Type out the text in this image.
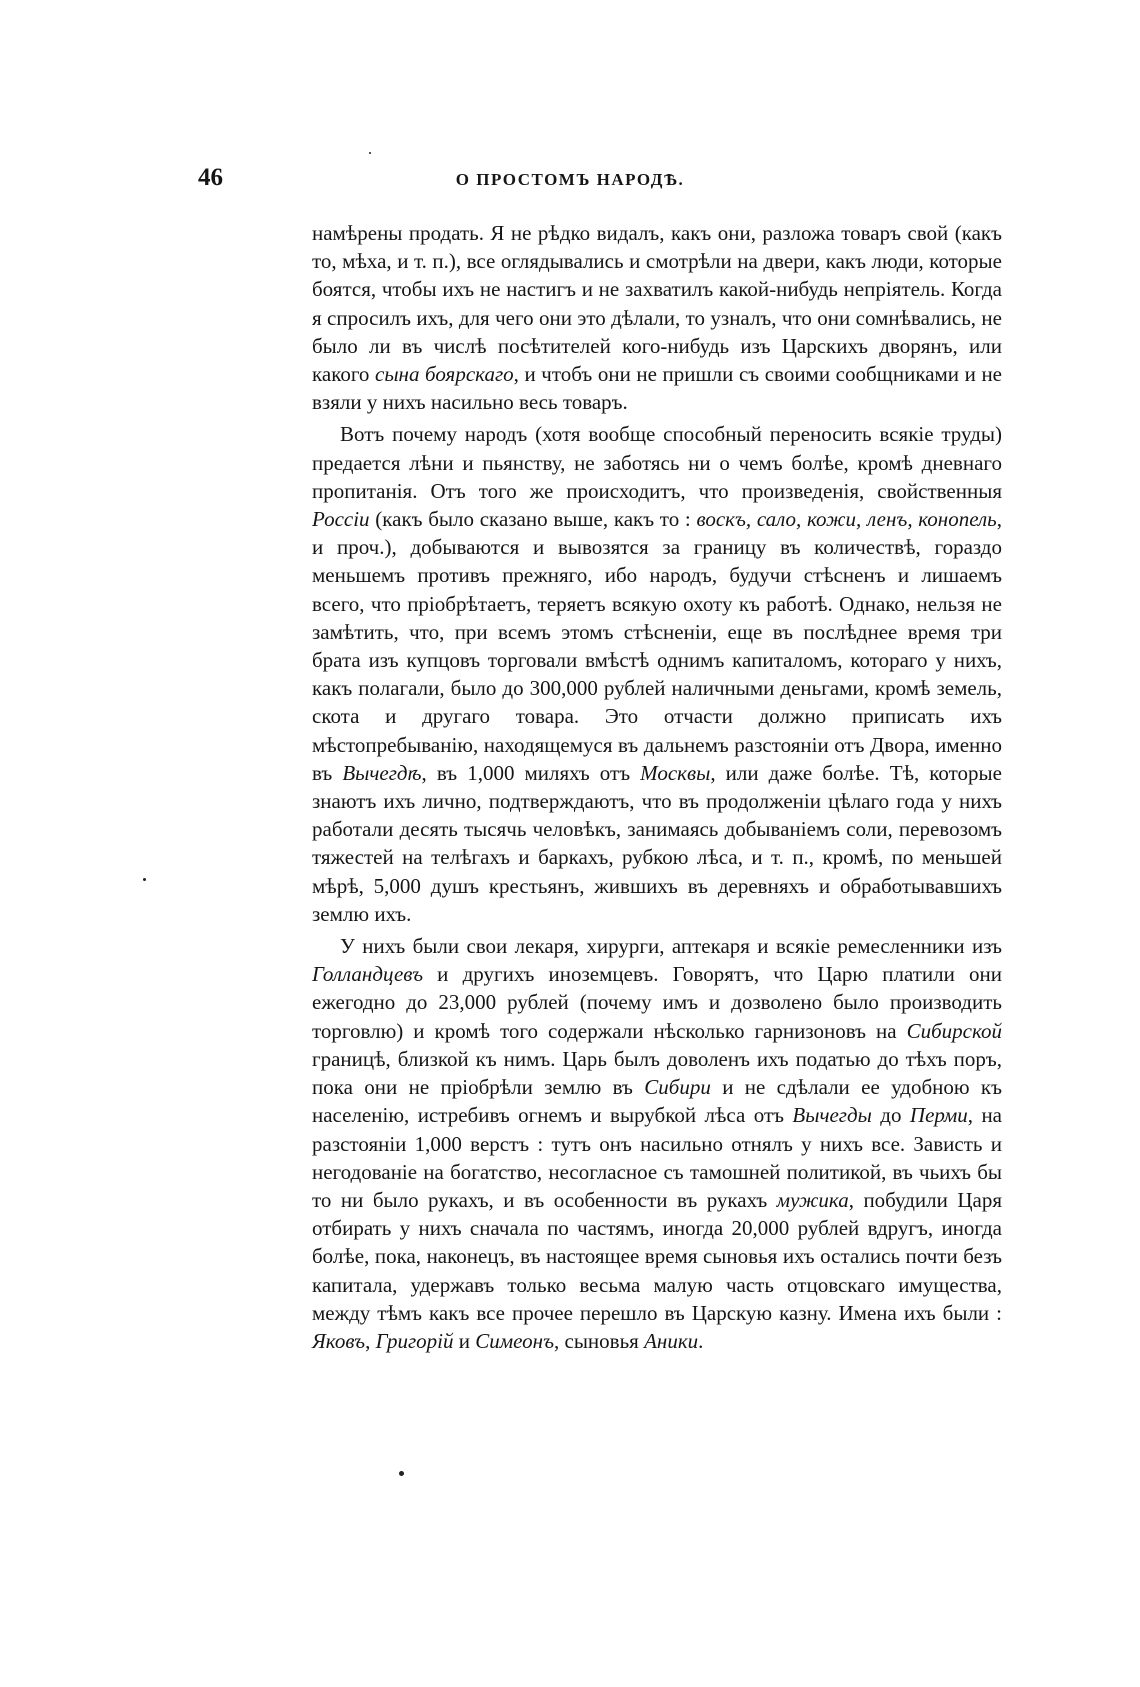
46	О ПРОСТОМЪ НАРОДѢ.

намѣрены продать. Я не рѣдко видалъ, какъ они, разложа товаръ свой (какъ то, мѣха, и т. п.), все оглядывались и смотрѣли на двери, какъ люди, которые боятся, чтобы ихъ не настигъ и не захватилъ какой-нибудь непріятель. Когда я спросилъ ихъ, для чего они это дѣлали, то узналъ, что они сомнѣвались, не было ли въ числѣ посѣтителей кого-нибудь изъ Царскихъ дворянъ, или какого сына боярскаго, и чтобъ они не пришли съ своими сообщниками и не взяли у нихъ насильно весь товаръ.

Вотъ почему народъ (хотя вообще способный переносить всякіе труды) предается лѣни и пьянству, не заботясь ни о чемъ болѣе, кромѣ дневнаго пропитанія. Отъ того же происходитъ, что произведенія, свойственныя Россіи (какъ было сказано выше, какъ то : воскъ, сало, кожи, ленъ, конопель, и проч.), добываются и вывозятся за границу въ количествѣ, гораздо меньшемъ противъ прежняго, ибо народъ, будучи стѣсненъ и лишаемъ всего, что пріобрѣтаетъ, теряетъ всякую охоту къ работѣ. Однако, нельзя не замѣтить, что, при всемъ этомъ стѣсненіи, еще въ послѣднее время три брата изъ купцовъ торговали вмѣстѣ однимъ капиталомъ, котораго у нихъ, какъ полагали, было до 300,000 рублей наличными деньгами, кромѣ земель, скота и другаго товара. Это отчасти должно приписать ихъ мѣстопребыванію, находящемуся въ дальнемъ разстояніи отъ Двора, именно въ Вычегдѣ, въ 1,000 миляхъ отъ Москвы, или даже болѣе. Тѣ, которые знаютъ ихъ лично, подтверждаютъ, что въ продолженіи цѣлаго года у нихъ работали десять тысячь человѣкъ, занимаясь добываніемъ соли, перевозомъ тяжестей на телѣгахъ и баркахъ, рубкою лѣса, и т. п., кромѣ, по меньшей мѣрѣ, 5,000 душъ крестьянъ, жившихъ въ деревняхъ и обработывавшихъ землю ихъ.

У нихъ были свои лекаря, хирурги, аптекаря и всякіе ремесленники изъ Голландцевъ и другихъ иноземцевъ. Говорятъ, что Царю платили они ежегодно до 23,000 рублей (почему имъ и дозволено было производить торговлю) и кромѣ того содержали нѣсколько гарнизоновъ на Сибирской границѣ, близкой къ нимъ. Царь былъ доволенъ ихъ податью до тѣхъ поръ, пока они не пріобрѣли землю въ Сибири и не сдѣлали ее удобною къ населенію, истребивъ огнемъ и вырубкой лѣса отъ Вычегды до Перми, на разстояніи 1,000 верстъ : тутъ онъ насильно отнялъ у нихъ все. Зависть и негодованіе на богатство, несогласное съ тамошней политикой, въ чьихъ бы то ни было рукахъ, и въ особенности въ рукахъ мужика, побудили Царя отбирать у нихъ сначала по частямъ, иногда 20,000 рублей вдругъ, иногда болѣе, пока, наконецъ, въ настоящее время сыновья ихъ остались почти безъ капитала, удержавъ только весьма малую часть отцовскаго имущества, между тѣмъ какъ все прочее перешло въ Царскую казну. Имена ихъ были : Яковъ, Григорій и Симеонъ, сыновья Аники.
